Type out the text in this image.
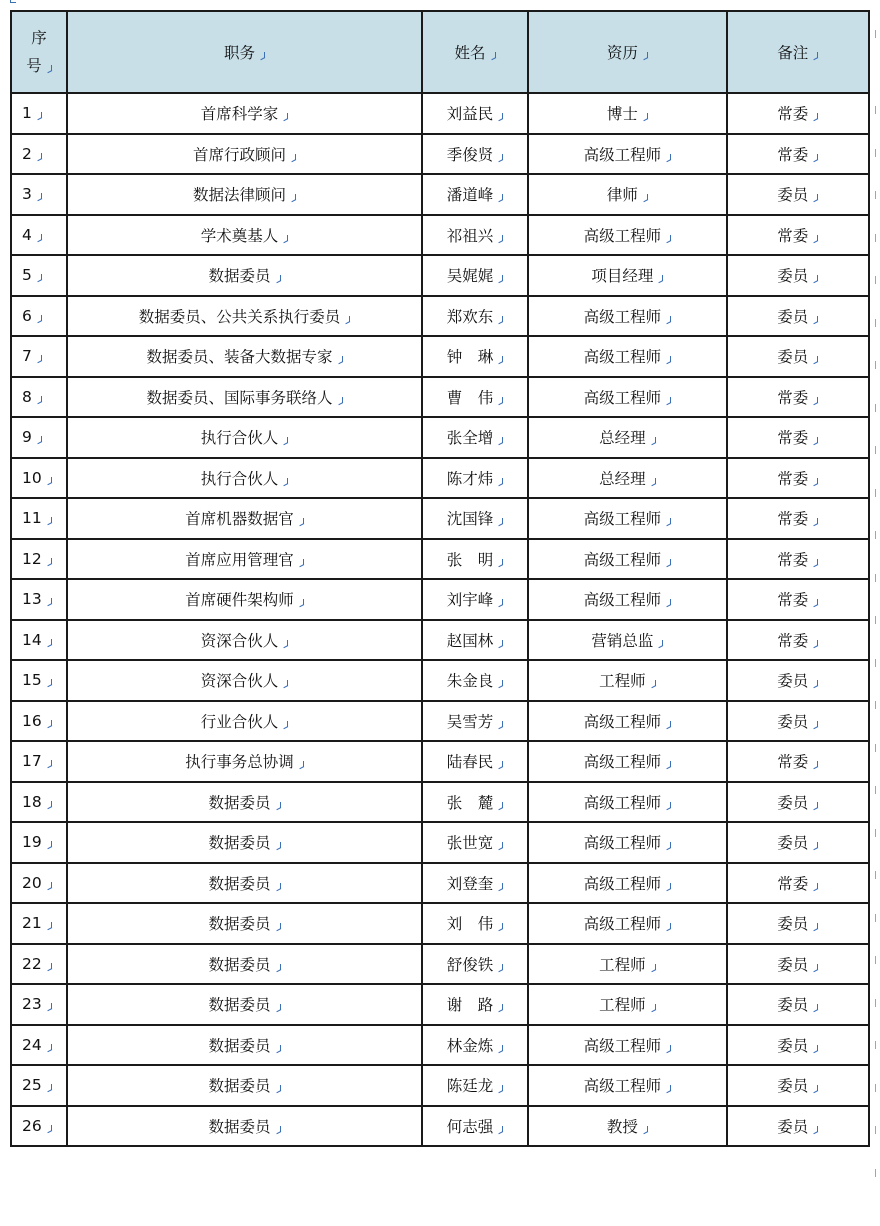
序
号	职务	姓名	资历	备注
1	首席科学家	刘益民	博士	常委
2	首席行政顾问	季俊贤	高级工程师	常委
3	数据法律顾问	潘道峰	律师	委员
4	学术奠基人	祁祖兴	高级工程师	常委
5	数据委员	吴娓娓	项目经理	委员
6	数据委员、公共关系执行委员	郑欢东	高级工程师	委员
7	数据委员、装备大数据专家	钟　琳	高级工程师	委员
8	数据委员、国际事务联络人	曹　伟	高级工程师	常委
9	执行合伙人	张全增	总经理	常委
10	执行合伙人	陈才炜	总经理	常委
11	首席机器数据官	沈国锋	高级工程师	常委
12	首席应用管理官	张　明	高级工程师	常委
13	首席硬件架构师	刘宇峰	高级工程师	常委
14	资深合伙人	赵国林	营销总监	常委
15	资深合伙人	朱金良	工程师	委员
16	行业合伙人	吴雪芳	高级工程师	委员
17	执行事务总协调	陆春民	高级工程师	常委
18	数据委员	张　麓	高级工程师	委员
19	数据委员	张世宽	高级工程师	委员
20	数据委员	刘登奎	高级工程师	常委
21	数据委员	刘　伟	高级工程师	委员
22	数据委员	舒俊铁	工程师	委员
23	数据委员	谢　路	工程师	委员
24	数据委员	林金炼	高级工程师	委员
25	数据委员	陈廷龙	高级工程师	委员
26	数据委员	何志强	教授	委员
